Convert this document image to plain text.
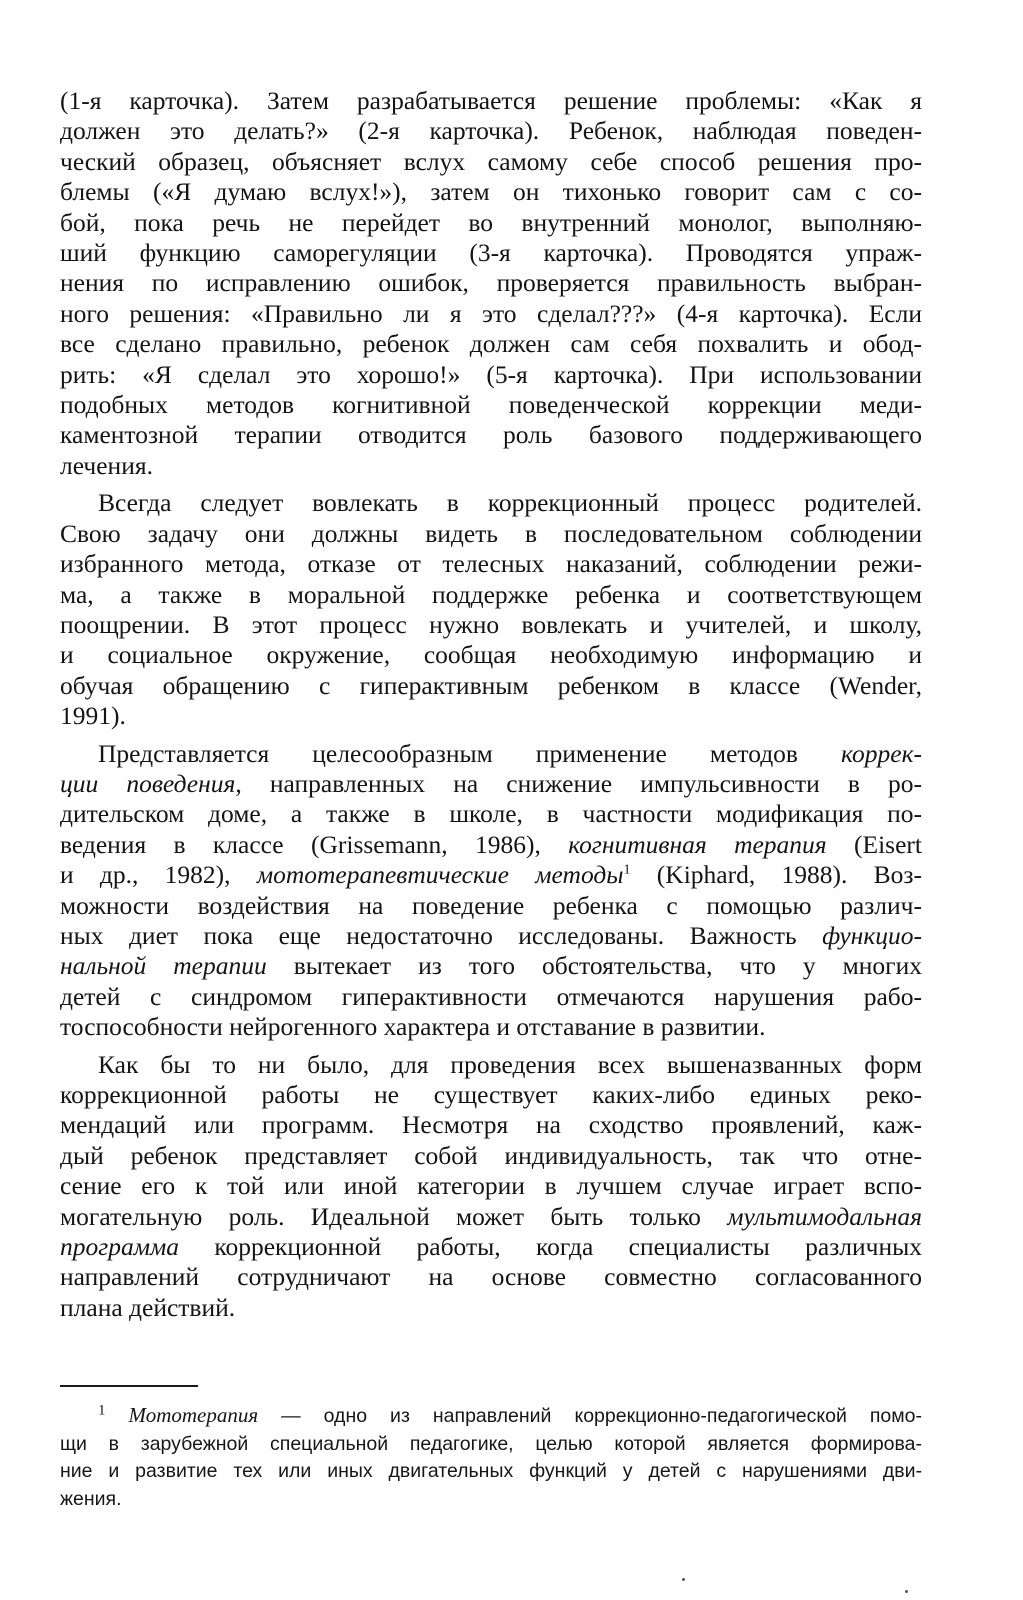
(1-я карточка). Затем разрабатывается решение проблемы: «Как я
должен это делать?» (2-я карточка). Ребенок, наблюдая поведен-
ческий образец, объясняет вслух самому себе способ решения про-
блемы («Я думаю вслух!»), затем он тихонько говорит сам с со-
бой, пока речь не перейдет во внутренний монолог, выполняю-
ший функцию саморегуляции (3-я карточка). Проводятся упраж-
нения по исправлению ошибок, проверяется правильность выбран-
ного решения: «Правильно ли я это сделал???» (4-я карточка). Если
все сделано правильно, ребенок должен сам себя похвалить и обод-
рить: «Я сделал это хорошо!» (5-я карточка). При использовании
подобных методов когнитивной поведенческой коррекции меди-
каментозной терапии отводится роль базового поддерживающего
лечения.
Всегда следует вовлекать в коррекционный процесс родителей.
Свою задачу они должны видеть в последовательном соблюдении
избранного метода, отказе от телесных наказаний, соблюдении режи-
ма, а также в моральной поддержке ребенка и соответствующем
поощрении. В этот процесс нужно вовлекать и учителей, и школу,
и социальное окружение, сообщая необходимую информацию и
обучая обращению с гиперактивным ребенком в классе (Wender,
1991).
Представляется целесообразным применение методов коррек-
ции поведения, направленных на снижение импульсивности в ро-
дительском доме, а также в школе, в частности модификация по-
ведения в классе (Grissemann, 1986), когнитивная терапия (Eisert
и др., 1982), мототерапевтические методы$^1$ (Kiphard, 1988). Воз-
можности воздействия на поведение ребенка с помощью различ-
ных диет пока еще недостаточно исследованы. Важность функцио-
нальной терапии вытекает из того обстоятельства, что у многих
детей с синдромом гиперактивности отмечаются нарушения рабо-
тоспособности нейрогенного характера и отставание в развитии.
Как бы то ни было, для проведения всех вышеназванных форм
коррекционной работы не существует каких-либо единых реко-
мендаций или программ. Несмотря на сходство проявлений, каж-
дый ребенок представляет собой индивидуальность, так что отне-
сение его к той или иной категории в лучшем случае играет вспо-
могательную роль. Идеальной может быть только мультимодальная
программа коррекционной работы, когда специалисты различных
направлений сотрудничают на основе совместно согласованного
плана действий.
$^1$ Мототерапия — одно из направлений коррекционно-педагогической помо-
щи в зарубежной специальной педагогике, целью которой является формирова-
ние и развитие тех или иных двигательных функций у детей с нарушениями дви-
жения.
